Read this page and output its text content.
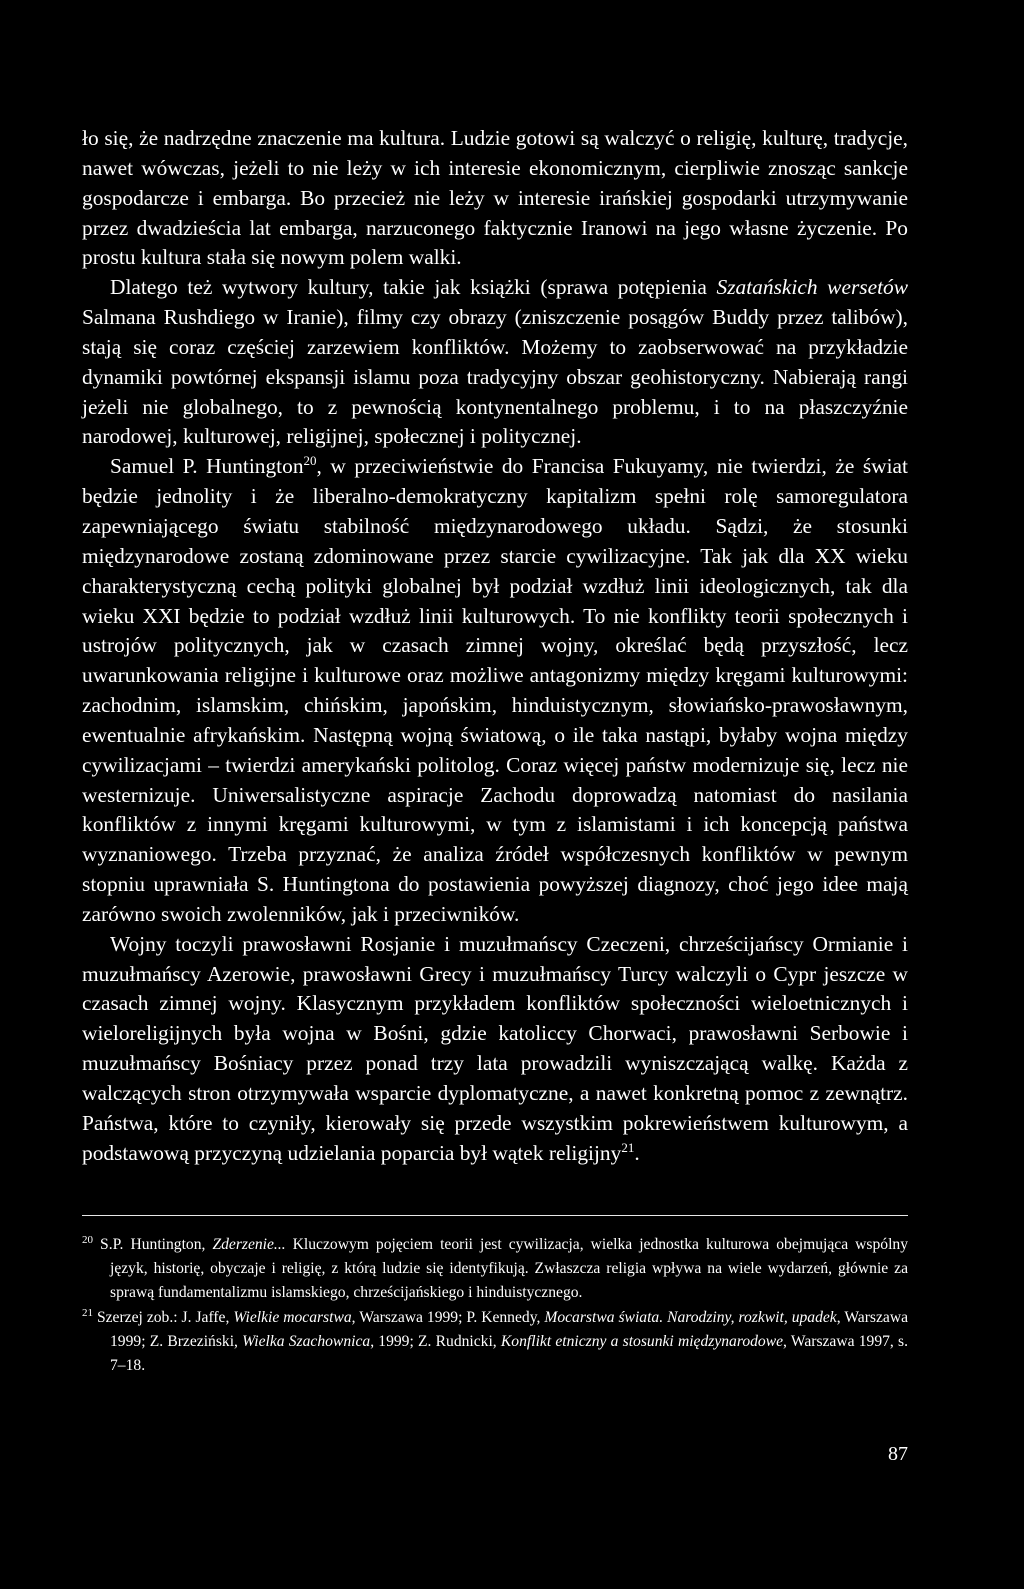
ło się, że nadrzędne znaczenie ma kultura. Ludzie gotowi są walczyć o religię, kulturę, tradycje, nawet wówczas, jeżeli to nie leży w ich interesie ekonomicznym, cierpliwie znosząc sankcje gospodarcze i embarga. Bo przecież nie leży w interesie irańskiej gospodarki utrzymywanie przez dwadzieścia lat embarga, narzuconego faktycznie Iranowi na jego własne życzenie. Po prostu kultura stała się nowym polem walki.

Dlatego też wytwory kultury, takie jak książki (sprawa potępienia Szatańskich wersetów Salmana Rushdiego w Iranie), filmy czy obrazy (zniszczenie posągów Buddy przez talibów), stają się coraz częściej zarzewiem konfliktów. Możemy to zaobserwować na przykładzie dynamiki powtórnej ekspansji islamu poza tradycyjny obszar geohistoryczny. Nabierają rangi jeżeli nie globalnego, to z pewnością kontynentalnego problemu, i to na płaszczyźnie narodowej, kulturowej, religijnej, społecznej i politycznej.

Samuel P. Huntington$^{20}$, w przeciwieństwie do Francisa Fukuyamy, nie twierdzi, że świat będzie jednolity i że liberalno-demokratyczny kapitalizm spełni rolę samoregulatora zapewniającego światu stabilność międzynarodowego układu. Sądzi, że stosunki międzynarodowe zostaną zdominowane przez starcie cywilizacyjne. Tak jak dla XX wieku charakterystyczną cechą polityki globalnej był podział wzdłuż linii ideologicznych, tak dla wieku XXI będzie to podział wzdłuż linii kulturowych. To nie konflikty teorii społecznych i ustrojów politycznych, jak w czasach zimnej wojny, określać będą przyszłość, lecz uwarunkowania religijne i kulturowe oraz możliwe antagonizmy między kręgami kulturowymi: zachodnim, islamskim, chińskim, japońskim, hinduistycznym, słowiańsko-prawosławnym, ewentualnie afrykańskim. Następną wojną światową, o ile taka nastąpi, byłaby wojna między cywilizacjami – twierdzi amerykański politolog. Coraz więcej państw modernizuje się, lecz nie westernizuje. Uniwersalistyczne aspiracje Zachodu doprowadzą natomiast do nasilania konfliktów z innymi kręgami kulturowymi, w tym z islamistami i ich koncepcją państwa wyznaniowego. Trzeba przyznać, że analiza źródeł współczesnych konfliktów w pewnym stopniu uprawniała S. Huntingtona do postawienia powyższej diagnozy, choć jego idee mają zarówno swoich zwolenników, jak i przeciwników.

Wojny toczyli prawosławni Rosjanie i muzułmańscy Czeczeni, chrześcijańscy Ormianie i muzułmańscy Azerowie, prawosławni Grecy i muzułmańscy Turcy walczyli o Cypr jeszcze w czasach zimnej wojny. Klasycznym przykładem konfliktów społeczności wieloetnicznych i wieloreligijnych była wojna w Bośni, gdzie katoliccy Chorwaci, prawosławni Serbowie i muzułmańscy Bośniacy przez ponad trzy lata prowadzili wyniszczającą walkę. Każda z walczących stron otrzymywała wsparcie dyplomatyczne, a nawet konkretną pomoc z zewnątrz. Państwa, które to czyniły, kierowały się przede wszystkim pokrewieństwem kulturowym, a podstawową przyczyną udzielania poparcia był wątek religijny$^{21}$.

$^{20}$ S.P. Huntington, Zderzenie... Kluczowym pojęciem teorii jest cywilizacja, wielka jednostka kulturowa obejmująca wspólny język, historię, obyczaje i religię, z którą ludzie się identyfikują. Zwłaszcza religia wpływa na wiele wydarzeń, głównie za sprawą fundamentalizmu islamskiego, chrześcijańskiego i hinduistycznego.

$^{21}$ Szerzej zob.: J. Jaffe, Wielkie mocarstwa, Warszawa 1999; P. Kennedy, Mocarstwa świata. Narodziny, rozkwit, upadek, Warszawa 1999; Z. Brzeziński, Wielka Szachownica, 1999; Z. Rudnicki, Konflikt etniczny a stosunki międzynarodowe, Warszawa 1997, s. 7–18.

87
